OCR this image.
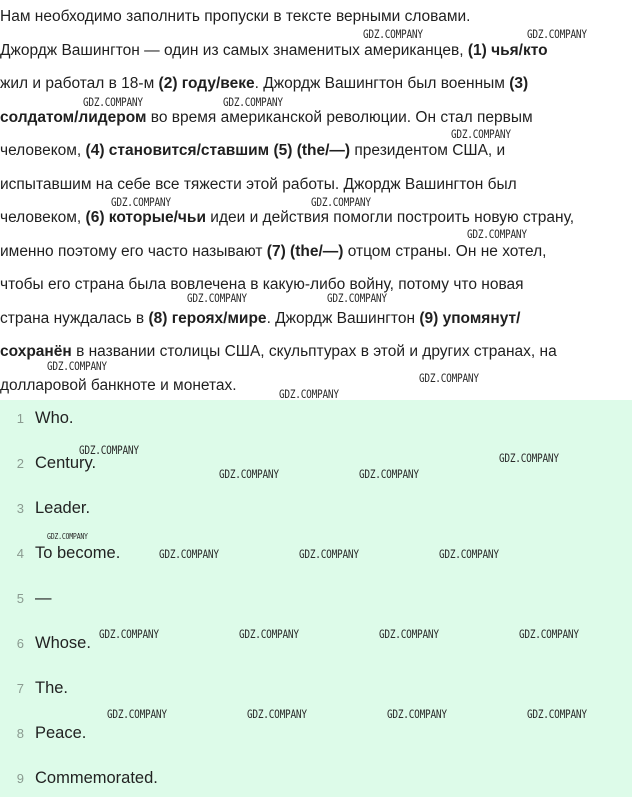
Нам необходимо заполнить пропуски в тексте верными словами.
Джордж Вашингтон — один из самых знаменитых американцев, (1) чья/кто
жил и работал в 18-м (2) году/веке. Джордж Вашингтон был военным (3)
солдатом/лидером во время американской революции. Он стал первым
человеком, (4) становится/ставшим (5) (the/—) президентом США, и
испытавшим на себе все тяжести этой работы. Джордж Вашингтон был
человеком, (6) которые/чьи идеи и действия помогли построить новую страну,
именно поэтому его часто называют (7) (the/—) отцом страны. Он не хотел,
чтобы его страна была вовлечена в какую-либо войну, потому что новая
страна нуждалась в (8) героях/мире. Джордж Вашингтон (9) упомянут/
сохранён в названии столицы США, скульптурах в этой и других странах, на
долларовой банкноте и монетах.
1 Who.
2 Century.
3 Leader.
4 To become.
5 —
6 Whose.
7 The.
8 Peace.
9 Commemorated.
GDZ.COMPANY	GDZ.COMPANY
GDZ.COMPANY	GDZ.COMPANY
GDZ.COMPANY
GDZ.COMPANY	GDZ.COMPANY
GDZ.COMPANY
GDZ.COMPANY	GDZ.COMPANY
GDZ.COMPANY
GDZ.COMPANY
GDZ.COMPANY
GDZ.COMPANY
GDZ.COMPANY
GDZ.COMPANY	GDZ.COMPANY
GDZ.COMPANY	GDZ.COMPANY	GDZ.COMPANY
GDZ.COMPANY	GDZ.COMPANY	GDZ.COMPANY	GDZ.COMPANY
GDZ.COMPANY	GDZ.COMPANY	GDZ.COMPANY	GDZ.COMPANY
GDZ.COMPANY
